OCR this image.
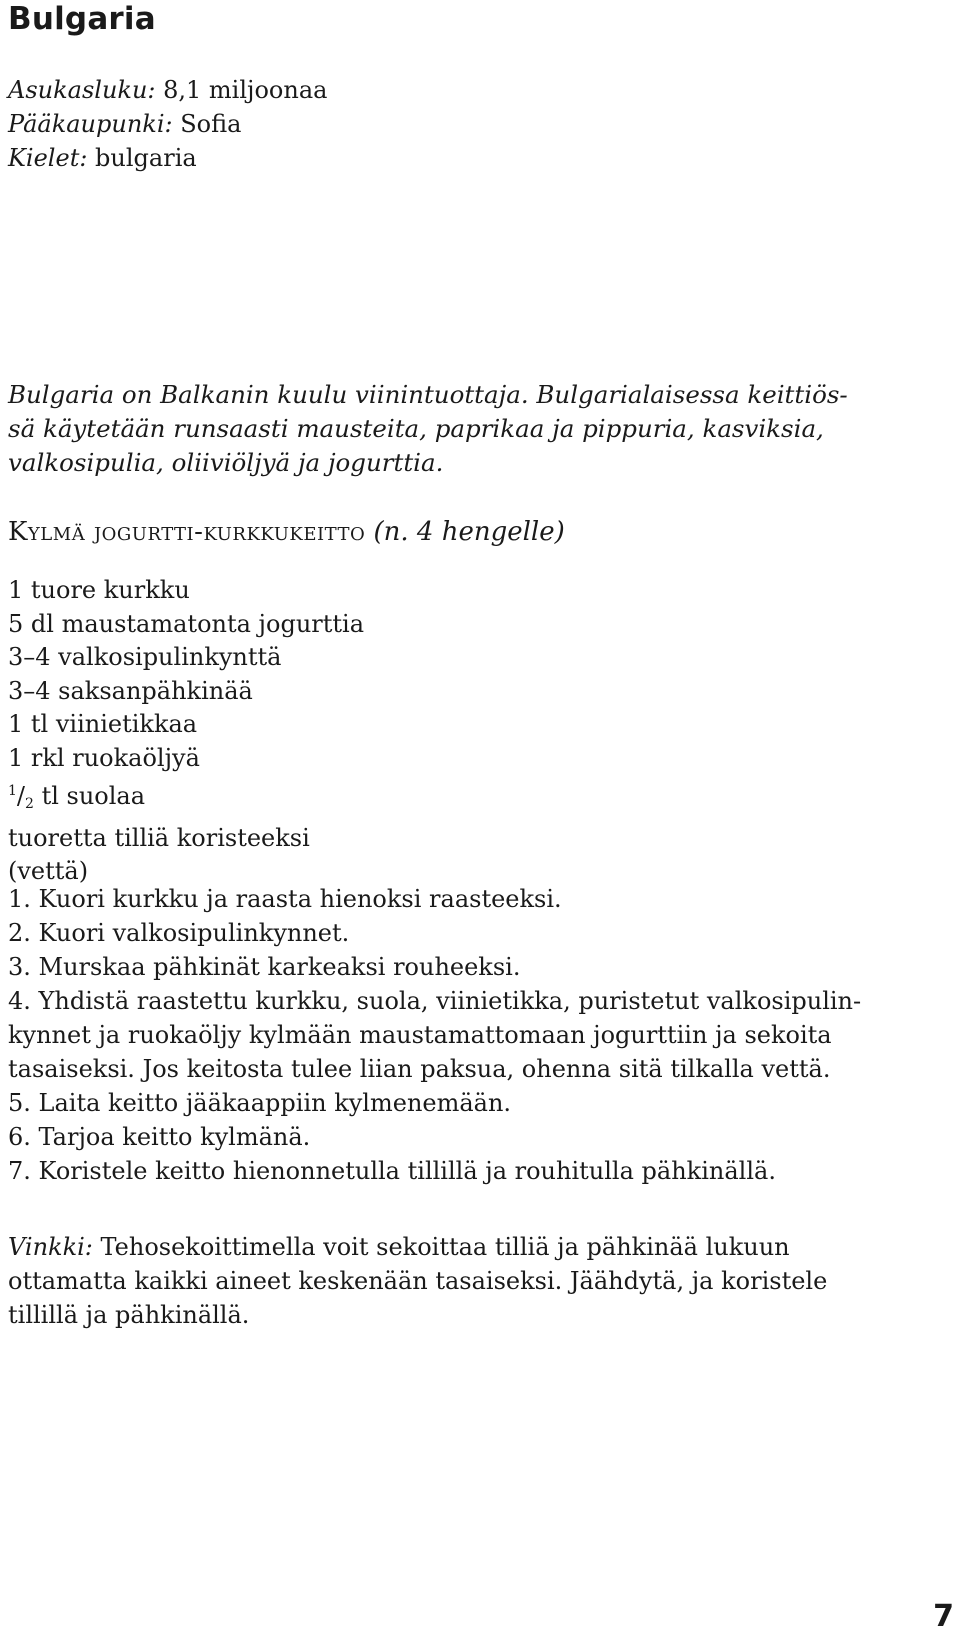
Bulgaria
Asukasluku: 8,1 miljoonaa
Pääkaupunki: Sofia
Kielet: bulgaria

Bulgaria on Balkanin kuulu viinintuottaja. Bulgarialaisessa keittiös-
sä käytetään runsaasti mausteita, paprikaa ja pippuria, kasviksia,
valkosipulia, oliiviöljyä ja jogurttia.

Kylmä jogurtti-kurkkukeitto (n. 4 hengelle)
1 tuore kurkku
5 dl maustamatonta jogurttia
3–4 valkosipulinkynttä
3–4 saksanpähkinää
1 tl viinietikkaa
1 rkl ruokaöljyä
$^1$/2 tl suolaa
tuoretta tilliä koristeeksi
(vettä)
1. Kuori kurkku ja raasta hienoksi raasteeksi.
2. Kuori valkosipulinkynnet.
3. Murskaa pähkinät karkeaksi rouheeksi.
4. Yhdistä raastettu kurkku, suola, viinietikka, puristetut valkosipulin-
kynnet ja ruokaöljy kylmään maustamattomaan jogurttiin ja sekoita
tasaiseksi. Jos keitosta tulee liian paksua, ohenna sitä tilkalla vettä.
5. Laita keitto jääkaappiin kylmenemään.
6. Tarjoa keitto kylmänä.
7. Koristele keitto hienonnetulla tillillä ja rouhitulla pähkinällä.
Vinkki: Tehosekoittimella voit sekoittaa tilliä ja pähkinää lukuun
ottamatta kaikki aineet keskenään tasaiseksi. Jäähdytä, ja koristele
tillillä ja pähkinällä.
7
